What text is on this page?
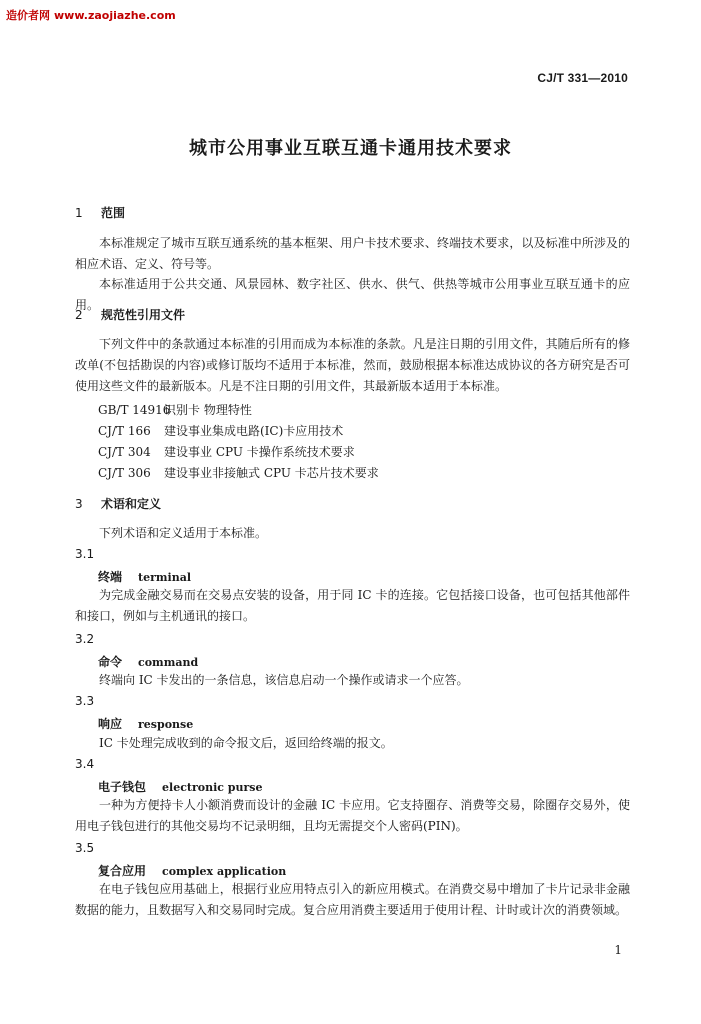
造价者网 www.zaojiazhe.com
CJ/T 331—2010
城市公用事业互联互通卡通用技术要求
1 范围
本标准规定了城市互联互通系统的基本框架、用户卡技术要求、终端技术要求，以及标准中所涉及的相应术语、定义、符号等。
本标准适用于公共交通、风景园林、数字社区、供水、供气、供热等城市公用事业互联互通卡的应用。
2 规范性引用文件
下列文件中的条款通过本标准的引用而成为本标准的条款。凡是注日期的引用文件，其随后所有的修改单(不包括勘误的内容)或修订版均不适用于本标准，然而，鼓励根据本标准达成协议的各方研究是否可使用这些文件的最新版本。凡是不注日期的引用文件，其最新版本适用于本标准。
GB/T 14916识别卡 物理特性
CJ/T 166 建设事业集成电路(IC)卡应用技术
CJ/T 304 建设事业 CPU 卡操作系统技术要求
CJ/T 306 建设事业非接触式 CPU 卡芯片技术要求
3 术语和定义
下列术语和定义适用于本标准。
3.1
终端 terminal
为完成金融交易而在交易点安装的设备，用于同 IC 卡的连接。它包括接口设备，也可包括其他部件和接口，例如与主机通讯的接口。
3.2
命令 command
终端向 IC 卡发出的一条信息，该信息启动一个操作或请求一个应答。
3.3
响应 response
IC 卡处理完成收到的命令报文后，返回给终端的报文。
3.4
电子钱包 electronic purse
一种为方便持卡人小额消费而设计的金融 IC 卡应用。它支持圈存、消费等交易，除圈存交易外，使用电子钱包进行的其他交易均不记录明细，且均无需提交个人密码(PIN)。
3.5
复合应用 complex application
在电子钱包应用基础上，根据行业应用特点引入的新应用模式。在消费交易中增加了卡片记录非金融数据的能力，且数据写入和交易同时完成。复合应用消费主要适用于使用计程、计时或计次的消费领域。
1
